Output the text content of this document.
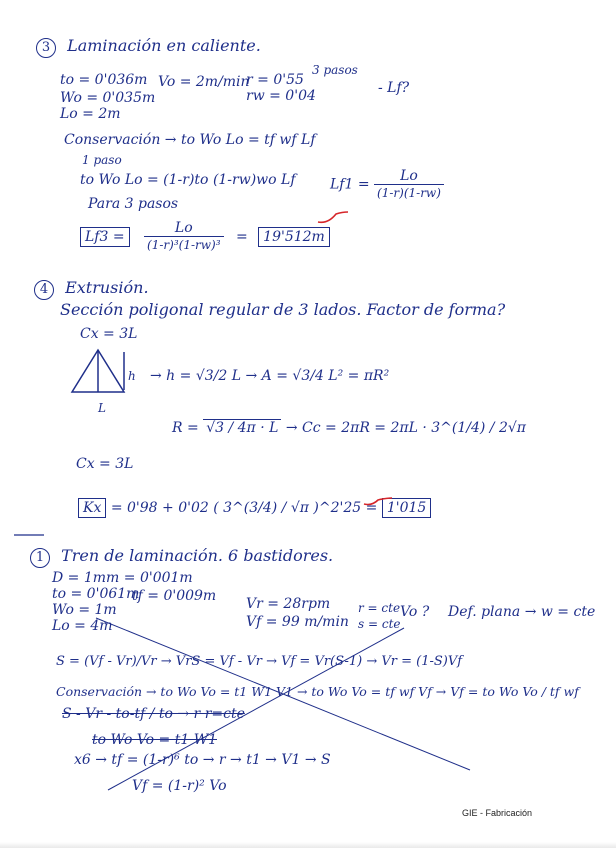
3 Laminación en caliente.
to = 0'036m
Wo = 0'035m
Lo = 2m
Vo = 2m/min
r = 0'55
rw = 0'04
3 pasos
- Lf?
Conservación → to Wo Lo = tf wf Lf
1 paso
to Wo Lo = (1-r)to (1-rw)wo Lf $Lf1 = \frac{Lo}{(1-r)(1-rw)}$
Para 3 pasos
$Lf3 = \frac{Lo}{\text{(1-r)³(1-rw)³}} = 19'512m$
4 Extrusión.
Sección poligonal regular de 3 lados. Factor de forma?
Cx = 3L
h
L
→ h = √3/2 L → A = √3/4 L² = πR²
R = √3 / 4π · L → Cc = 2πR = 2πL · 3^(1/4) / 2√π
Cx = 3L
Kx = 0'98 + 0'02 ( 3^(3/4) / √π )^2'25 = 1'015
1 Tren de laminación. 6 bastidores.
D = 1mm = 0'001m
to = 0'061m
tf = 0'009m
Wo = 1m
Lo = 4m
Vr = 28rpm
Vf = 99 m/min
r = cte
s = cte
Vo ? Def. plana → w = cte
S = (Vf - Vr)/Vr → VrS = Vf - Vr → Vf = Vr(S-1) → Vr = (1-S)Vf
Conservación → to Wo Vo = t1 W1 V1 → to Wo Vo = tf wf Vf → Vf = to Wo Vo / tf wf
S - Vr - to-tf / to → r r=cte
to Wo Vo = t1 W1
x6 → tf = (1-r)⁶ to → r → t1 → V1 → S
Vf = (1-r)² Vo
GIE - Fabricación
